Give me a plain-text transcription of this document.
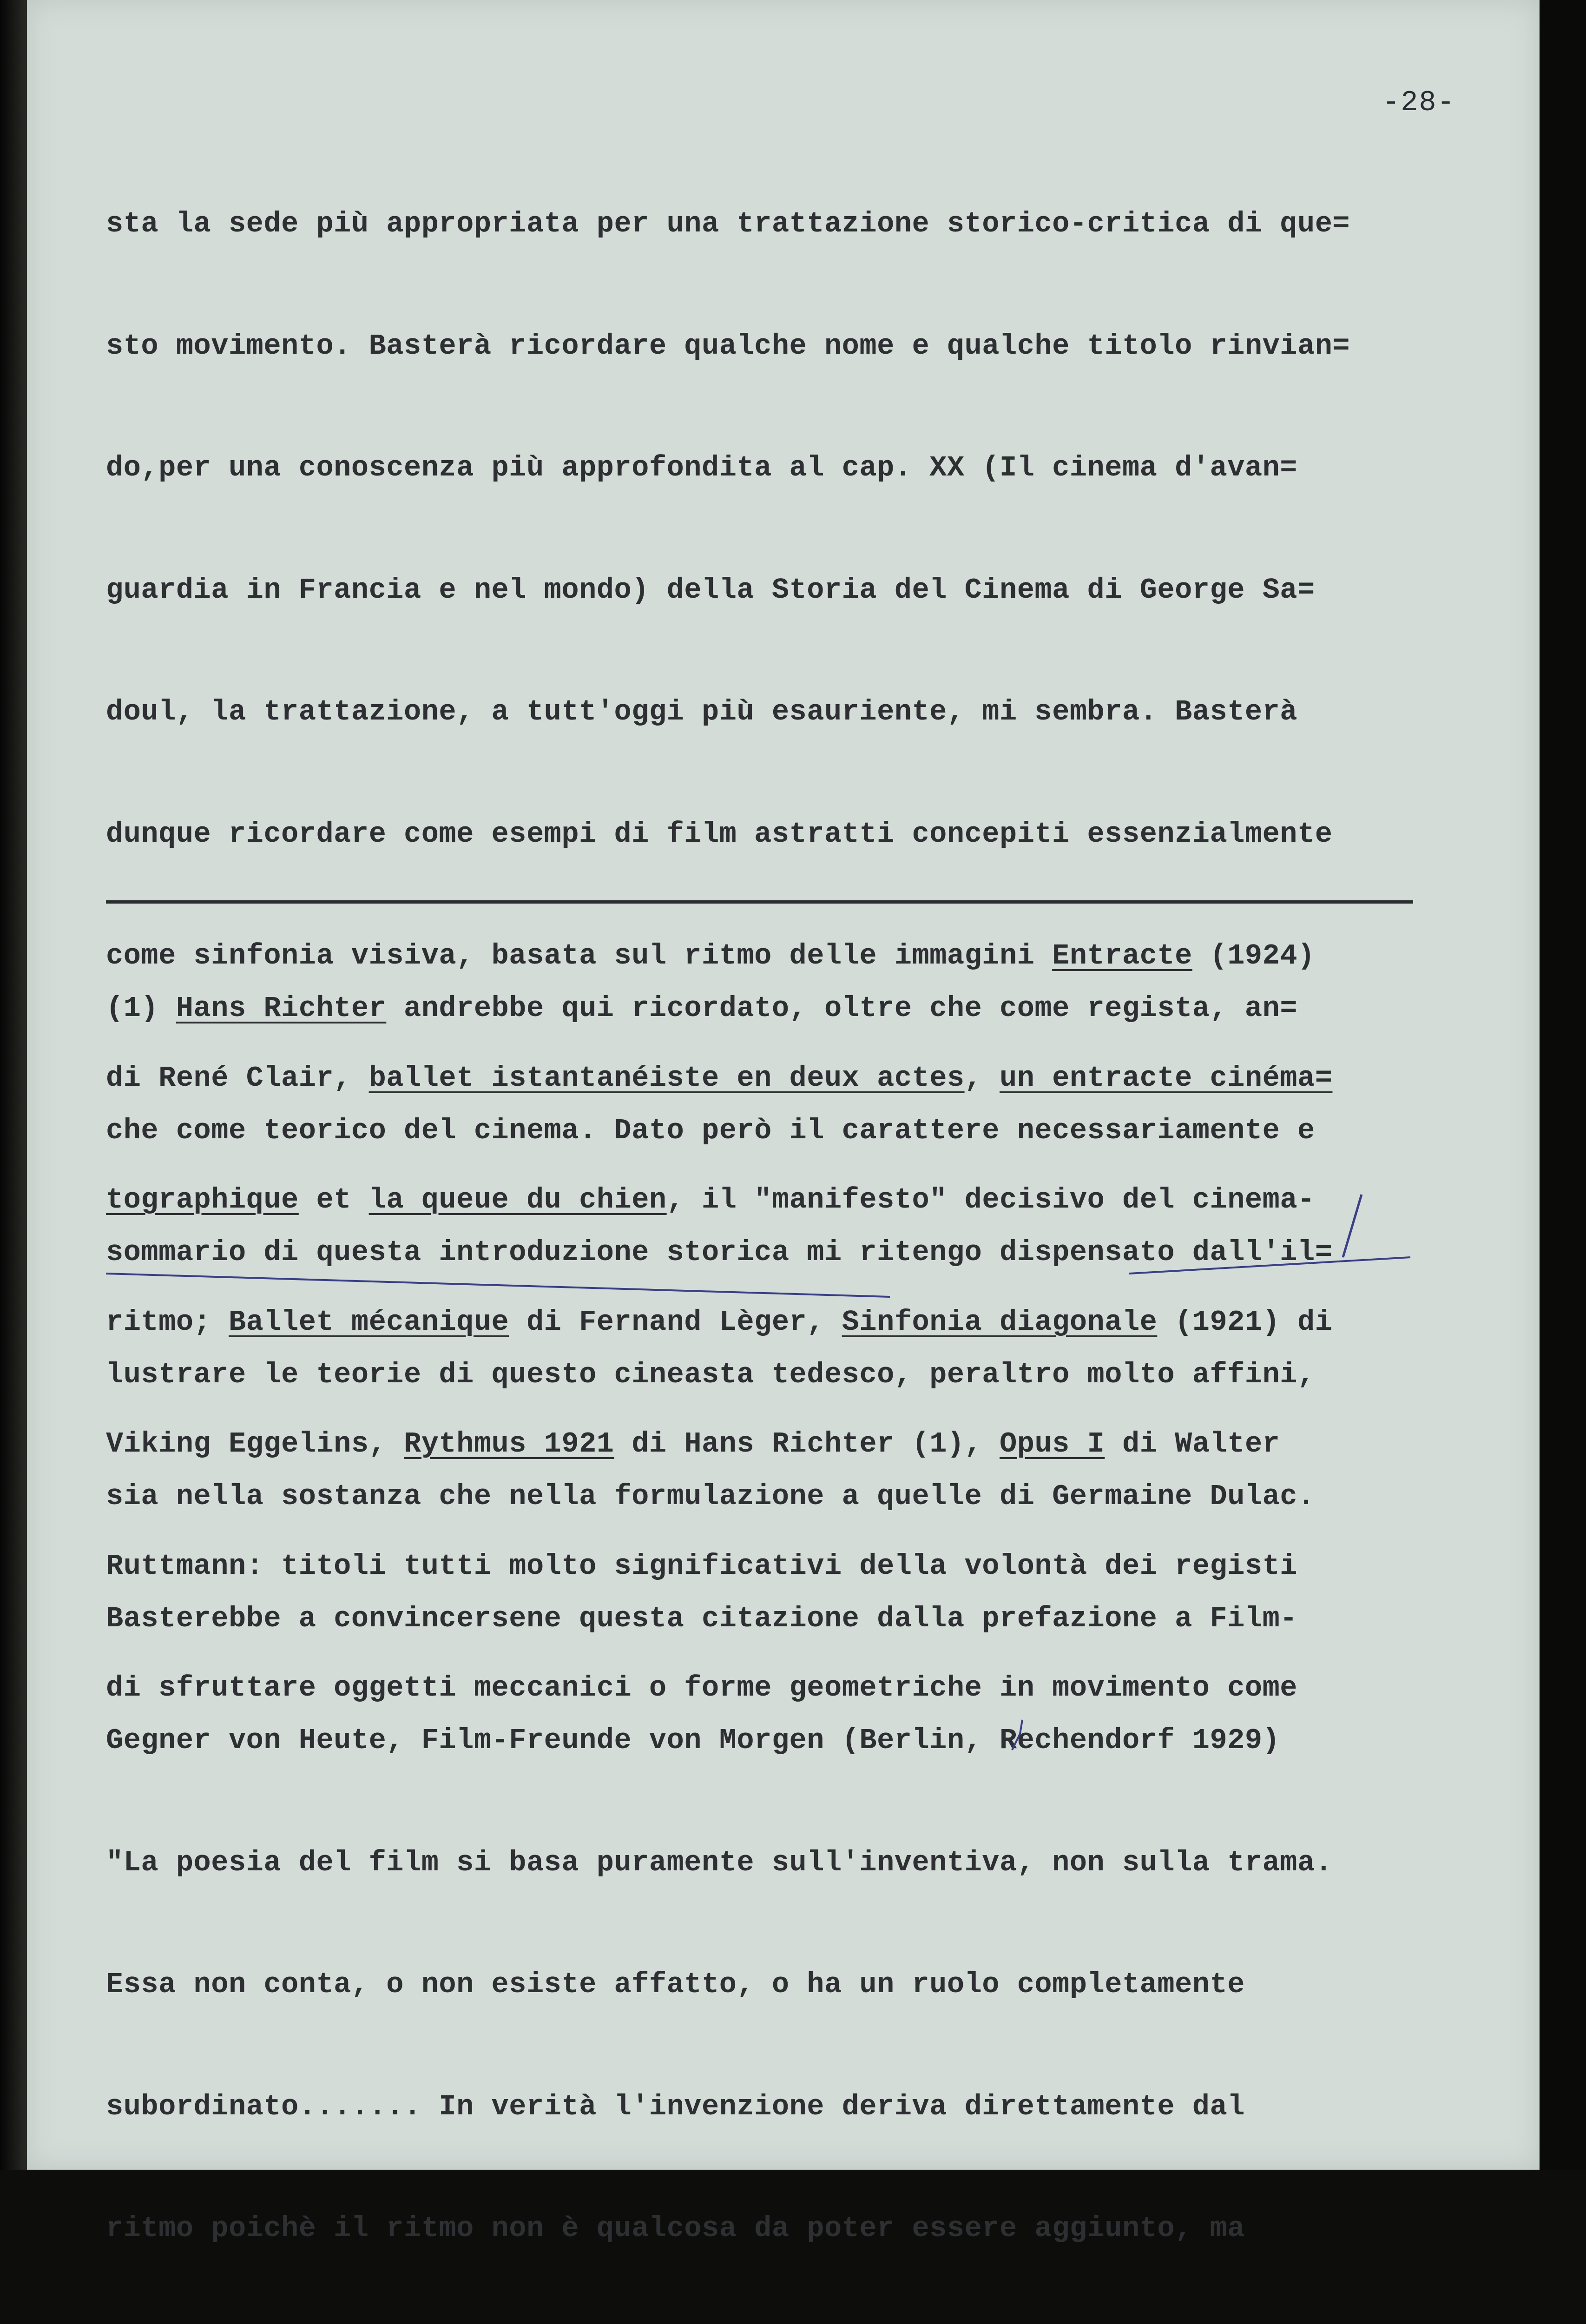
-28-

sta la sede più appropriata per una trattazione storico-critica di que=

sto movimento. Basterà ricordare qualche nome e qualche titolo rinvian=

do,per una conoscenza più approfondita al cap. XX (Il cinema d'avan=

guardia in Francia e nel mondo) della Storia del Cinema di George Sa=

doul, la trattazione, a tutt'oggi più esauriente, mi sembra. Basterà

dunque ricordare come esempi di film astratti concepiti essenzialmente

come sinfonia visiva, basata sul ritmo delle immagini Entracte (1924)

di René Clair, ballet istantanéiste en deux actes, un entracte cinéma=

tographique et la queue du chien, il "manifesto" decisivo del cinema-

ritmo; Ballet mécanique di Fernand Lèger, Sinfonia diagonale (1921) di

Viking Eggelins, Rythmus 1921 di Hans Richter (1), Opus I di Walter

Ruttmann: titoli tutti molto significativi della volontà dei registi

di sfruttare oggetti meccanici o forme geometriche in movimento come

(1) Hans Richter andrebbe qui ricordato, oltre che come regista, an=

che come teorico del cinema. Dato però il carattere necessariamente e

sommario di questa introduzione storica mi ritengo dispensato dall'il=

lustrare le teorie di questo cineasta tedesco, peraltro molto affini,

sia nella sostanza che nella formulazione a quelle di Germaine Dulac.

Basterebbe a convincersene questa citazione dalla prefazione a Film-

Gegner von Heute, Film-Freunde von Morgen (Berlin, Rechendorf 1929)

"La poesia del film si basa puramente sull'inventiva, non sulla trama.

Essa non conta, o non esiste affatto, o ha un ruolo completamente

subordinato....... In verità l'invenzione deriva direttamente dal

ritmo poichè il ritmo non è qualcosa da poter essere aggiunto, ma
